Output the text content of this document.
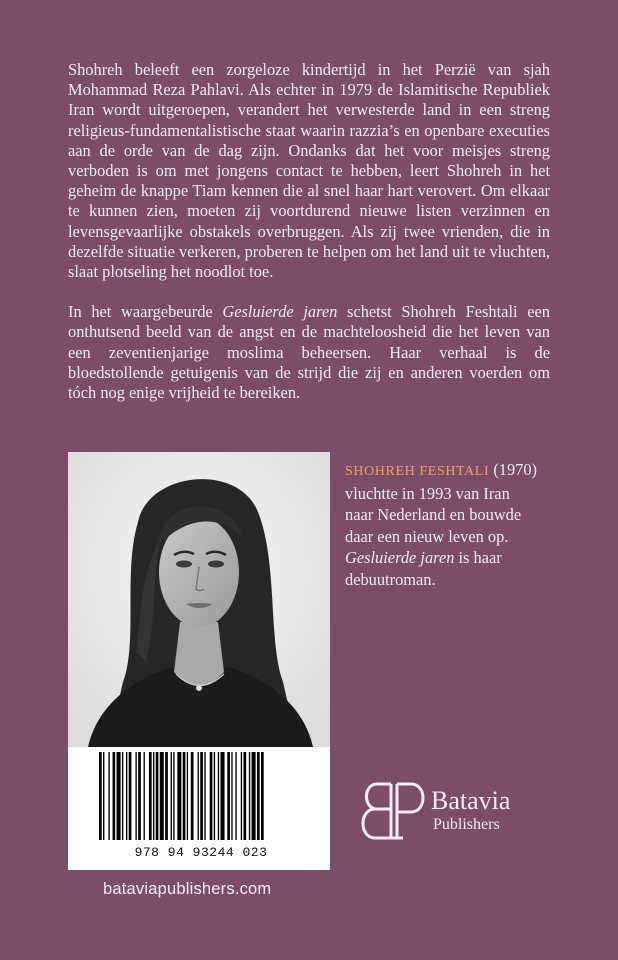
Shohreh beleeft een zorgeloze kindertijd in het Perzië van sjah Mohammad Reza Pahlavi. Als echter in 1979 de Islamitische Republiek Iran wordt uitgeroepen, verandert het verwesterde land in een streng religieus-fundamentalistische staat waarin razzia’s en openbare executies aan de orde van de dag zijn. Ondanks dat het voor meisjes streng verboden is om met jongens contact te hebben, leert Shohreh in het geheim de knappe Tiam kennen die al snel haar hart verovert. Om elkaar te kunnen zien, moeten zij voortdurend nieuwe listen verzinnen en levensgevaarlijke obstakels overbruggen. Als zij twee vrienden, die in dezelfde situatie verkeren, proberen te helpen om het land uit te vluchten, slaat plotseling het noodlot toe.

In het waargebeurde Gesluierde jaren schetst Shohreh Feshtali een onthutsend beeld van de angst en de machteloosheid die het leven van een zeventienjarige moslima beheersen. Haar verhaal is de bloedstollende getuigenis van de strijd die zij en anderen voerden om tóch nog enige vrijheid te bereiken.

978 94 93244 023
SHOHREH FESHTALI (1970)
vluchtte in 1993 van Iran
naar Nederland en bouwde
daar een nieuw leven op.
Gesluierde jaren is haar
debuutroman.
Batavia
Publishers
bataviapublishers.com
